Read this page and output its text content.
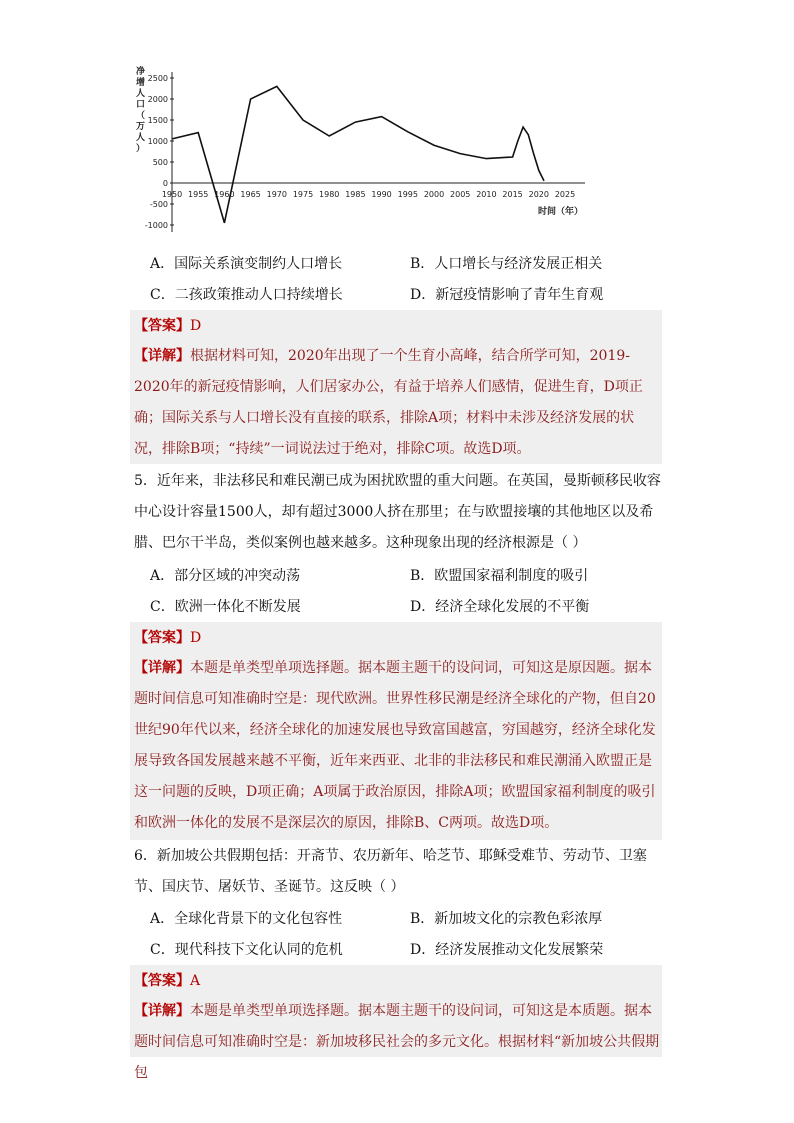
净
增
人
口
（
万
人
）
2500
2000
1500
1000
500
0
-500
-1000
1950 1955 1960 1965 1970 1975 1980 1985 1990 1995 2000 2005 2010 2015 2020 2025
时间（年）
A．国际关系演变制约人口增长	B．人口增长与经济发展正相关
C．二孩政策推动人口持续增长	D．新冠疫情影响了青年生育观
【答案】D
【详解】根据材料可知，2020年出现了一个生育小高峰，结合所学可知，2019-2020年的新冠疫情影响，人们居家办公，有益于培养人们感情，促进生育，D项正确；国际关系与人口增长没有直接的联系，排除A项；材料中未涉及经济发展的状况，排除B项；“持续”一词说法过于绝对，排除C项。故选D项。
5．近年来，非法移民和难民潮已成为困扰欧盟的重大问题。在英国，曼斯顿移民收容中心设计容量1500人，却有超过3000人挤在那里；在与欧盟接壤的其他地区以及希腊、巴尔干半岛，类似案例也越来越多。这种现象出现的经济根源是（ ）
A．部分区域的冲突动荡	B．欧盟国家福利制度的吸引
C．欧洲一体化不断发展	D．经济全球化发展的不平衡
【答案】D
【详解】本题是单类型单项选择题。据本题主题干的设问词，可知这是原因题。据本题时间信息可知准确时空是：现代欧洲。世界性移民潮是经济全球化的产物，但自20世纪90年代以来，经济全球化的加速发展也导致富国越富，穷国越穷，经济全球化发展导致各国发展越来越不平衡，近年来西亚、北非的非法移民和难民潮涌入欧盟正是这一问题的反映，D项正确；A项属于政治原因，排除A项；欧盟国家福利制度的吸引和欧洲一体化的发展不是深层次的原因，排除B、C两项。故选D项。
6．新加坡公共假期包括：开斋节、农历新年、哈芝节、耶稣受难节、劳动节、卫塞节、国庆节、屠妖节、圣诞节。这反映（ ）
A．全球化背景下的文化包容性	B．新加坡文化的宗教色彩浓厚
C．现代科技下文化认同的危机	D．经济发展推动文化发展繁荣
【答案】A
【详解】本题是单类型单项选择题。据本题主题干的设问词，可知这是本质题。据本题时间信息可知准确时空是：新加坡移民社会的多元文化。根据材料“新加坡公共假期包
